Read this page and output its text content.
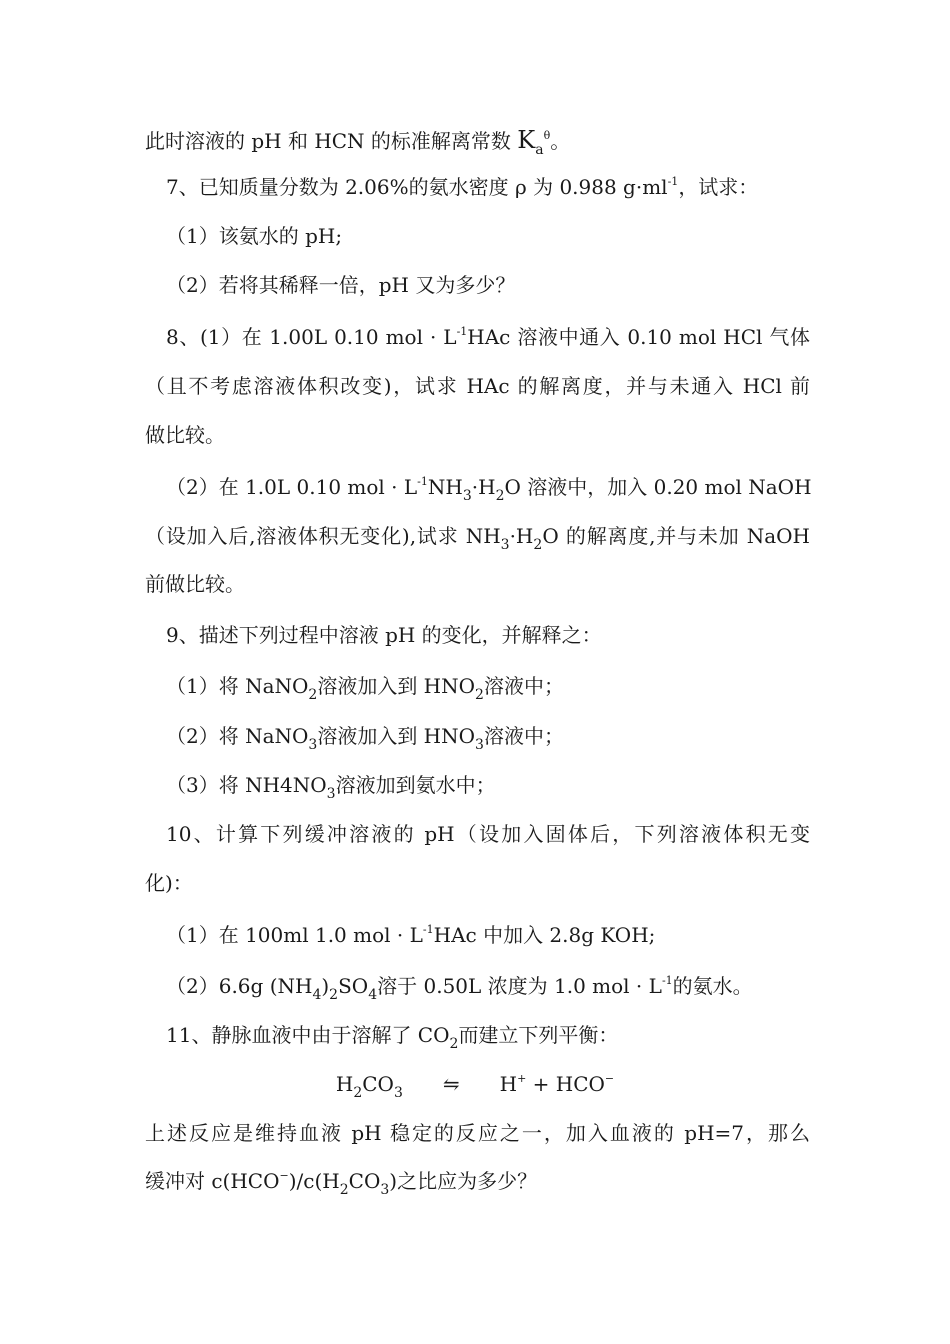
此时溶液的 pH 和 HCN 的标准解离常数 $K_a^\theta$。
7、已知质量分数为 2.06%的氨水密度 ρ 为 0.988 $g\cdot ml^{-1}$，试求：
（1）该氨水的 pH;
（2）若将其稀释一倍，pH 又为多少？
8、(1）在 1.00L 0.10 mol · $L^{-1}HAc$ 溶液中通入 0.10 mol HCl 气体
（且不考虑溶液体积改变)，试求 HAc 的解离度，并与未通入 HCl 前
做比较。
（2）在 1.0L 0.10 mol · $L^{-1}NH_3\cdot H_2O$ 溶液中，加入 0.20 mol NaOH
（设加入后,溶液体积无变化),试求 $NH_3\cdot H_2O$ 的解离度,并与未加 NaOH
前做比较。
9、描述下列过程中溶液 pH 的变化，并解释之：
（1）将 NaNO$_2$溶液加入到 $HNO_2$溶液中；
（2）将 NaNO$_3$溶液加入到 $HNO_3$溶液中；
（3）将 $NH4NO_3$溶液加到氨水中；
10、计算下列缓冲溶液的 pH（设加入固体后，下列溶液体积无变
化)：
（1）在 100ml 1.0 mol · $L^{-1}HAc$ 中加入 2.8g KOH;
（2）6.6g $(NH_4)_2SO_4$溶于 0.50L 浓度为 1.0 mol · $L^{-1}$的氨水。
11、静脉血液中由于溶解了 $CO_2$而建立下列平衡：
$H_2CO_3$ ⇋ H+ + HCO−
上述反应是维持血液 pH 稳定的反应之一，加入血液的 pH=7，那么
缓冲对 $c(HCO^-)/c(H_2CO_3)$之比应为多少？
